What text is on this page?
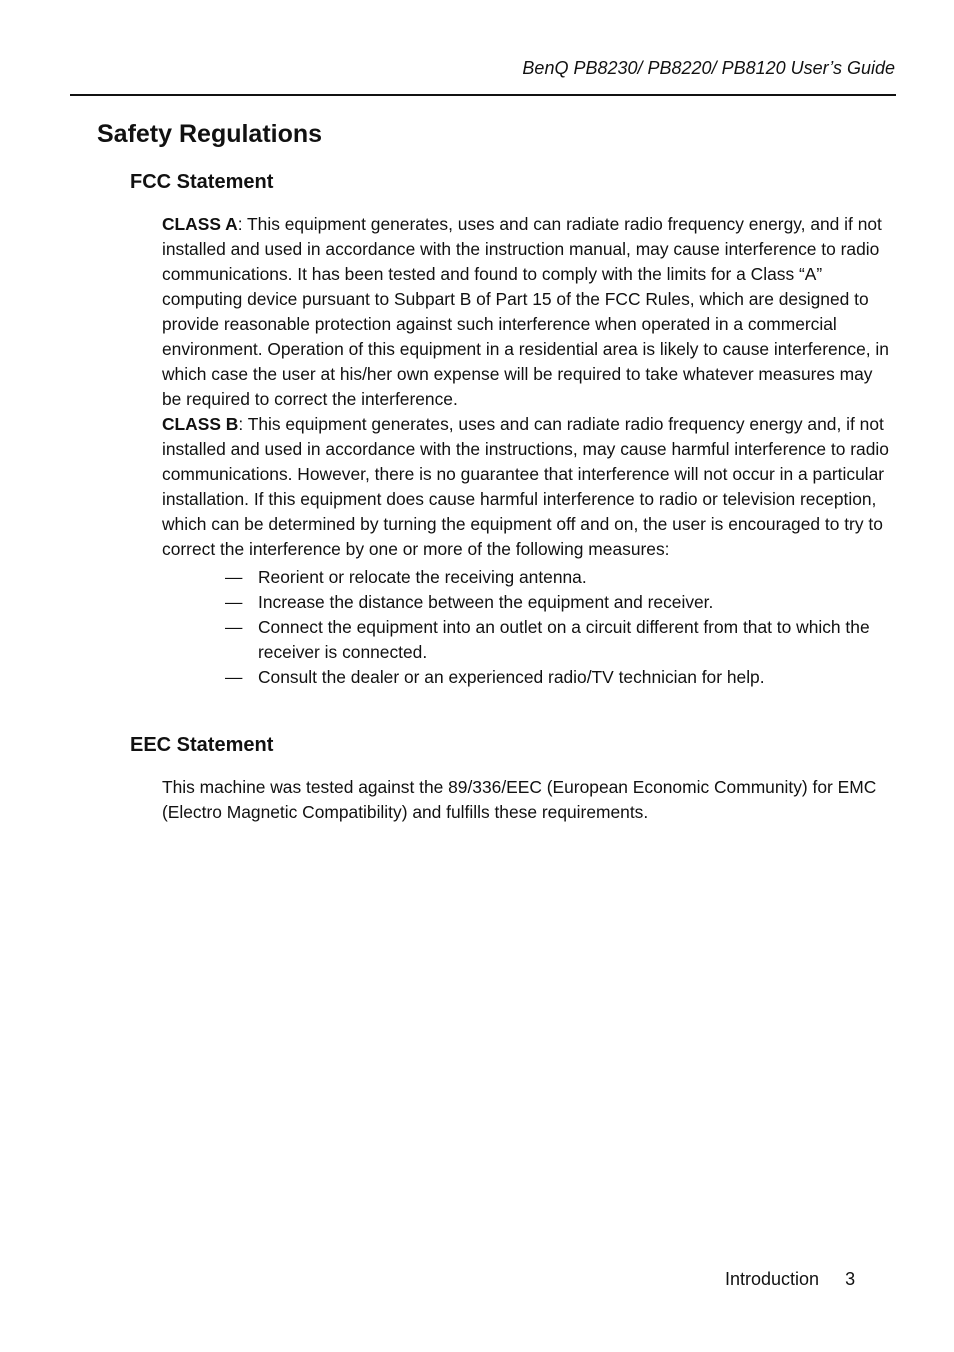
BenQ PB8230/ PB8220/ PB8120 User’s Guide
Safety Regulations
FCC Statement

CLASS A: This equipment generates, uses and can radiate radio frequency energy, and if not installed and used in accordance with the instruction manual, may cause interference to radio communications. It has been tested and found to comply with the limits for a Class “A” computing device pursuant to Subpart B of Part 15 of the FCC Rules, which are designed to provide reasonable protection against such interference when operated in a commercial environment. Operation of this equipment in a residential area is likely to cause interference, in which case the user at his/her own expense will be required to take whatever measures may be required to correct the interference.

CLASS B: This equipment generates, uses and can radiate radio frequency energy and, if not installed and used in accordance with the instructions, may cause harmful interference to radio communications. However, there is no guarantee that interference will not occur in a particular installation. If this equipment does cause harmful interference to radio or television reception, which can be determined by turning the equipment off and on, the user is encouraged to try to correct the interference by one or more of the following measures:

— Reorient or relocate the receiving antenna.
— Increase the distance between the equipment and receiver.
— Connect the equipment into an outlet on a circuit different from that to which the receiver is connected.
— Consult the dealer or an experienced radio/TV technician for help.
EEC Statement

This machine was tested against the 89/336/EEC (European Economic Community) for EMC (Electro Magnetic Compatibility) and fulfills these requirements.

Introduction 3
